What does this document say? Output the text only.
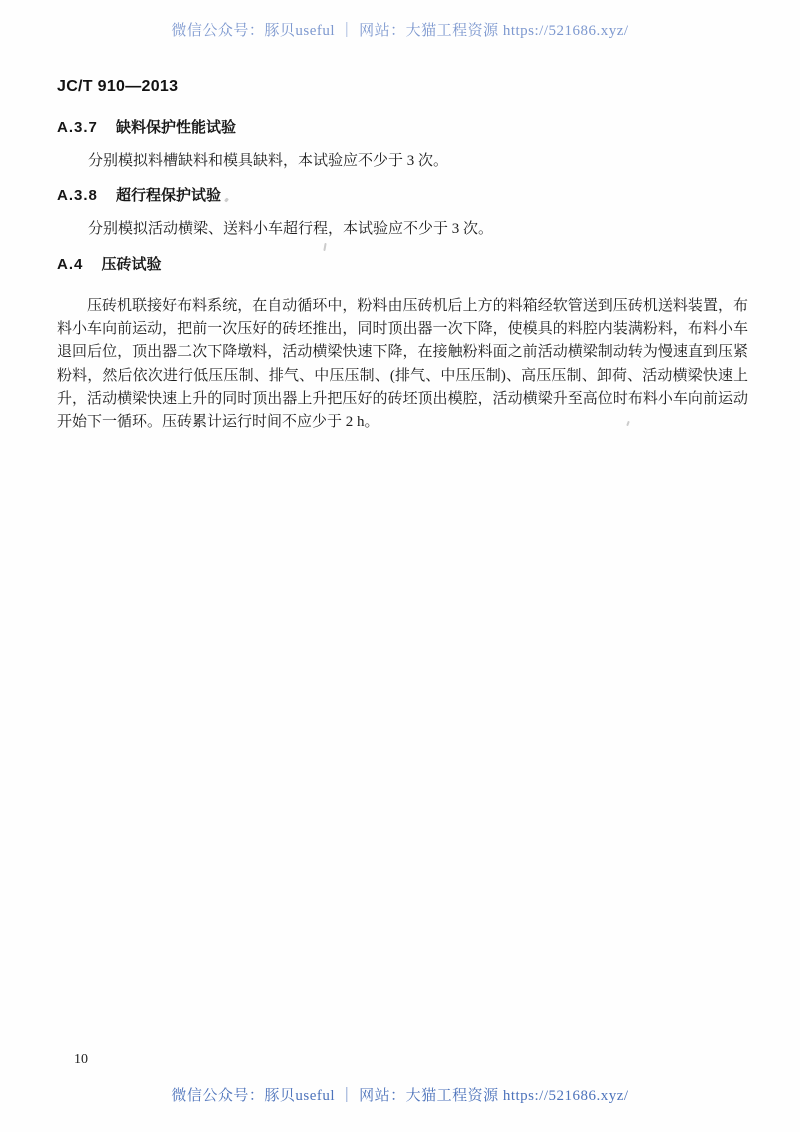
微信公众号：豚贝useful ｜ 网站：大猫工程资源 https://521686.xyz/
JC/T 910—2013
A.3.7 缺料保护性能试验
分别模拟料槽缺料和模具缺料，本试验应不少于 3 次。
A.3.8 超行程保护试验
分别模拟活动横梁、送料小车超行程，本试验应不少于 3 次。
A.4 压砖试验
压砖机联接好布料系统，在自动循环中，粉料由压砖机后上方的料箱经软管送到压砖机送料装置，布料小车向前运动，把前一次压好的砖坯推出，同时顶出器一次下降，使模具的料腔内装满粉料，布料小车退回后位，顶出器二次下降墩料，活动横梁快速下降，在接触粉料面之前活动横梁制动转为慢速直到压紧粉料，然后依次进行低压压制、排气、中压压制、(排气、中压压制)、高压压制、卸荷、活动横梁快速上升，活动横梁快速上升的同时顶出器上升把压好的砖坯顶出模腔，活动横梁升至高位时布料小车向前运动开始下一循环。压砖累计运行时间不应少于 2 h。
10
微信公众号：豚贝useful ｜ 网站：大猫工程资源 https://521686.xyz/
